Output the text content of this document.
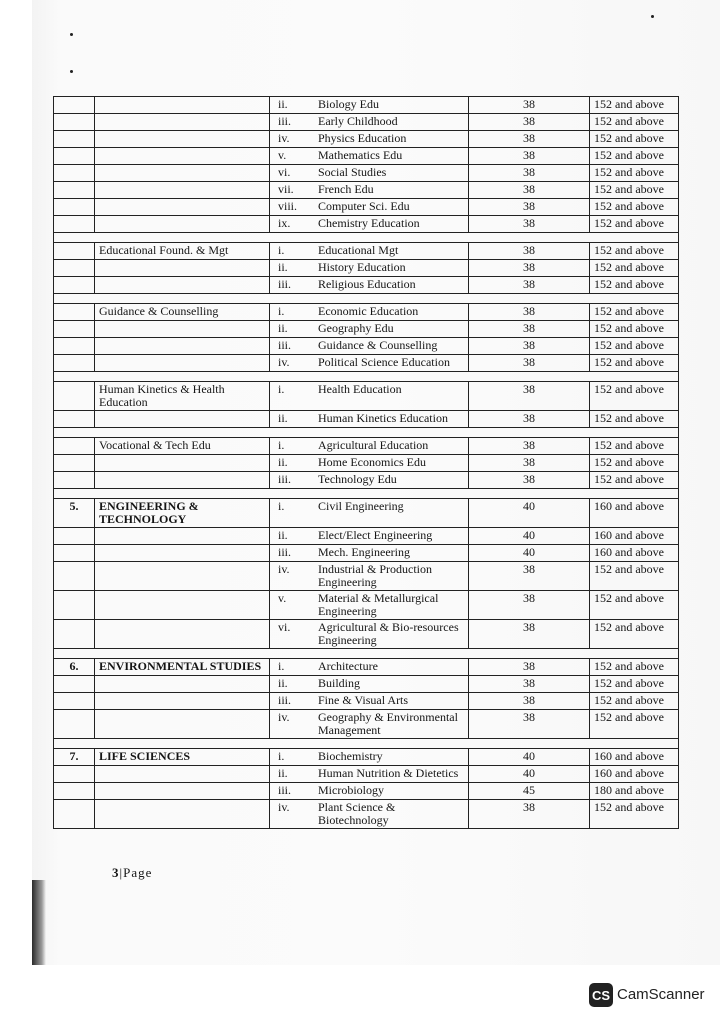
		ii. Biology Edu	38	152 and above

		iii. Early Childhood	38	152 and above

		iv. Physics Education	38	152 and above

		v. Mathematics Edu	38	152 and above

		vi. Social Studies	38	152 and above

		vii. French Edu	38	152 and above

		viii. Computer Sci. Edu	38	152 and above

		ix. Chemistry Education	38	152 and above

	Educational Found. & Mgt	i. Educational Mgt	38	152 and above

		ii. History Education	38	152 and above

		iii. Religious Education	38	152 and above

	Guidance & Counselling	i. Economic Education	38	152 and above

		ii. Geography Edu	38	152 and above

		iii. Guidance & Counselling	38	152 and above

		iv. Political Science Education	38	152 and above

	Human Kinetics & Health Education	i. Health Education	38	152 and above

		ii. Human Kinetics Education	38	152 and above

	Vocational & Tech Edu	i. Agricultural Education	38	152 and above

		ii. Home Economics Edu	38	152 and above

		iii. Technology Edu	38	152 and above

5.	ENGINEERING & TECHNOLOGY	i. Civil Engineering	40	160 and above

		ii. Elect/Elect Engineering	40	160 and above

		iii. Mech. Engineering	40	160 and above

		iv. Industrial & Production Engineering	38	152 and above

		v. Material & Metallurgical Engineering	38	152 and above

		vi. Agricultural & Bio-resources Engineering	38	152 and above

6.	ENVIRONMENTAL STUDIES	i. Architecture	38	152 and above

		ii. Building	38	152 and above

		iii. Fine & Visual Arts	38	152 and above

		iv. Geography & Environmental Management	38	152 and above

7.	LIFE SCIENCES	i. Biochemistry	40	160 and above

		ii. Human Nutrition & Dietetics	40	160 and above

		iii. Microbiology	45	180 and above

		iv. Plant Science & Biotechnology	38	152 and above
3|Page
CS CamScanner
